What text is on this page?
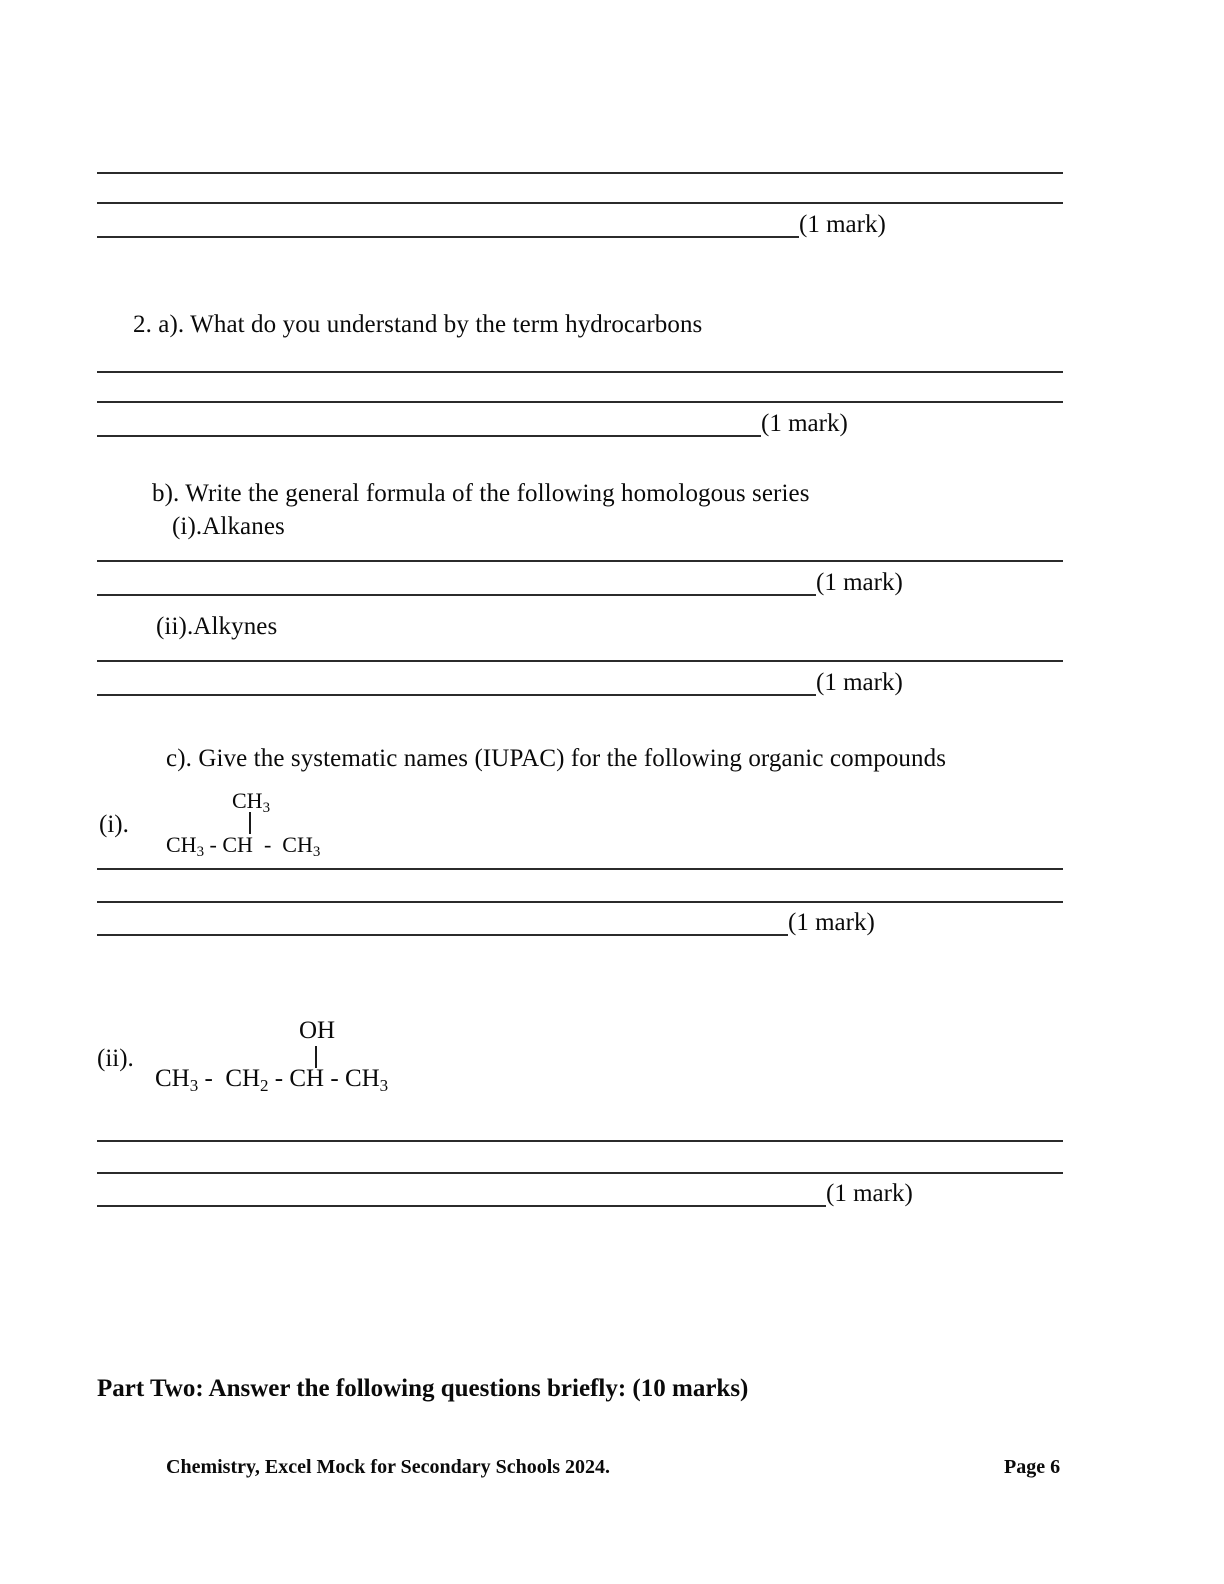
(1 mark)
2. a). What do you understand by the term hydrocarbons
(1 mark)
b). Write the general formula of the following homologous series
(i).Alkanes
(1 mark)
(ii).Alkynes
(1 mark)
c). Give the systematic names (IUPAC) for the following organic compounds
(i).
$CH_3$
$CH_3$ - CH - $CH_3$
(1 mark)
(ii).
OH
$CH_3 - CH_2$ - CH - $CH_3$
(1 mark)
Part Two: Answer the following questions briefly: (10 marks)
Chemistry, Excel Mock for Secondary Schools 2024.	Page 6
